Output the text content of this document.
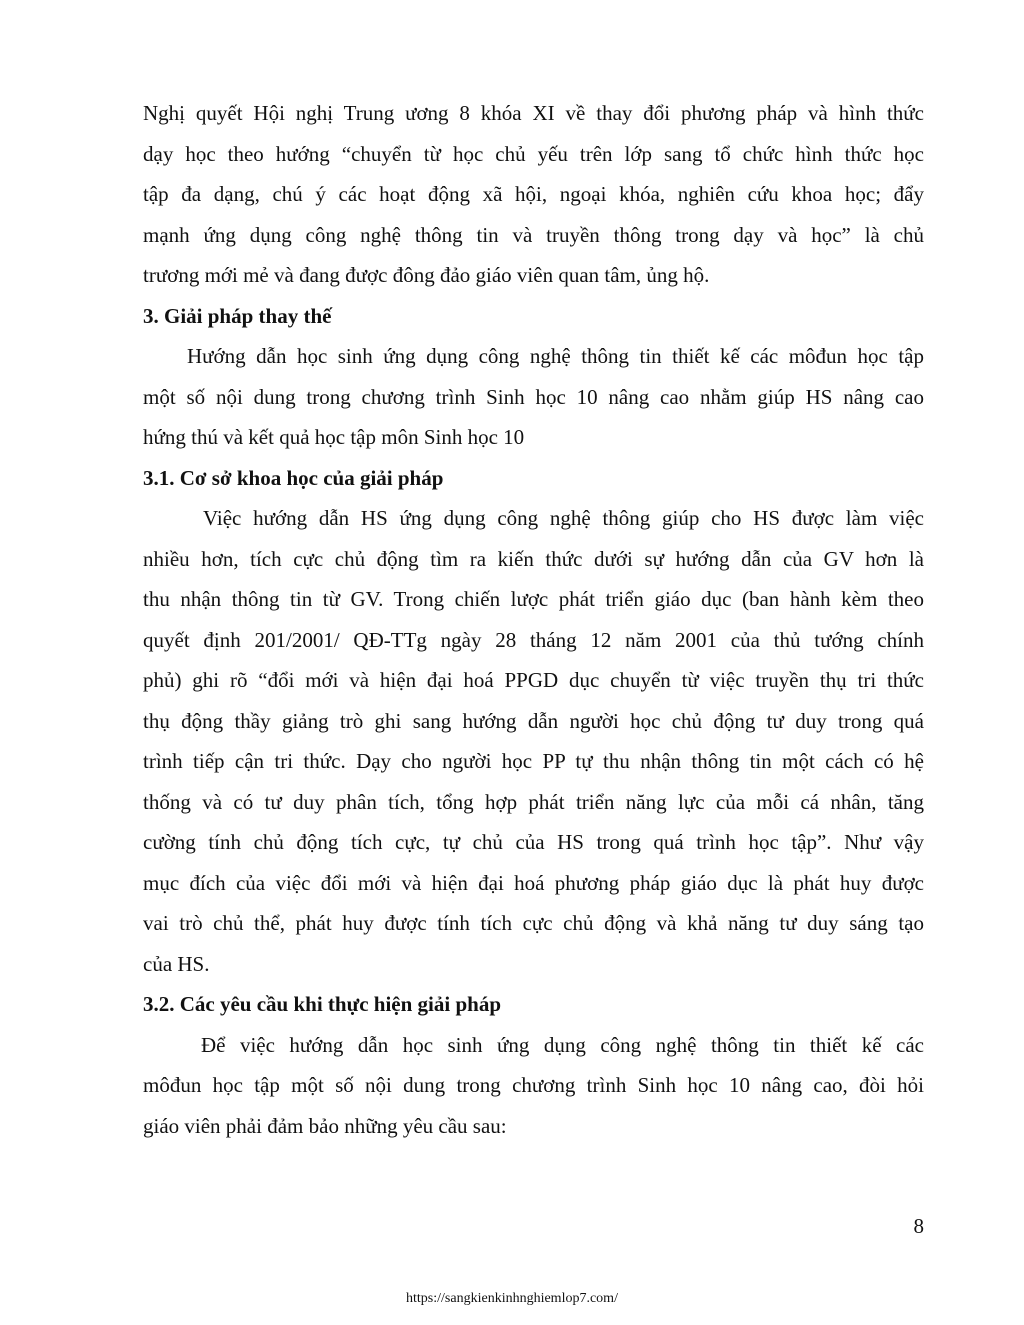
Nghị quyết Hội nghị Trung ương 8 khóa XI về thay đổi phương pháp và hình thức
dạy học theo hướng “chuyển từ học chủ yếu trên lớp sang tổ chức hình thức học
tập đa dạng, chú ý các hoạt động xã hội, ngoại khóa, nghiên cứu khoa học; đẩy
mạnh ứng dụng công nghệ thông tin và truyền thông trong dạy và học” là chủ
trương mới mẻ và đang được đông đảo giáo viên quan tâm, ủng hộ.
3. Giải pháp thay thế
Hướng dẫn học sinh ứng dụng công nghệ thông tin thiết kế các môđun học tập
một số nội dung trong chương trình Sinh học 10 nâng cao nhằm giúp HS nâng cao
hứng thú và kết quả học tập môn Sinh học 10
3.1. Cơ sở khoa học của giải pháp
Việc hướng dẫn HS ứng dụng công nghệ thông giúp cho HS được làm việc
nhiều hơn, tích cực chủ động tìm ra kiến thức dưới sự hướng dẫn của GV hơn là
thu nhận thông tin từ GV. Trong chiến lược phát triển giáo dục (ban hành kèm theo
quyết định 201/2001/ QĐ-TTg ngày 28 tháng 12 năm 2001 của thủ tướng chính
phủ) ghi rõ “đổi mới và hiện đại hoá PPGD dục chuyển từ việc truyền thụ tri thức
thụ động thầy giảng trò ghi sang hướng dẫn người học chủ động tư duy trong quá
trình tiếp cận tri thức. Dạy cho người học PP tự thu nhận thông tin một cách có hệ
thống và có tư duy phân tích, tổng hợp phát triển năng lực của mỗi cá nhân, tăng
cường tính chủ động tích cực, tự chủ của HS trong quá trình học tập”. Như vậy
mục đích của việc đổi mới và hiện đại hoá phương pháp giáo dục là phát huy được
vai trò chủ thể, phát huy được tính tích cực chủ động và khả năng tư duy sáng tạo
của HS.
3.2. Các yêu cầu khi thực hiện giải pháp
Để việc hướng dẫn học sinh ứng dụng công nghệ thông tin thiết kế các
môđun học tập một số nội dung trong chương trình Sinh học 10 nâng cao, đòi hỏi
giáo viên phải đảm bảo những yêu cầu sau:
8
https://sangkienkinhnghiemlop7.com/
